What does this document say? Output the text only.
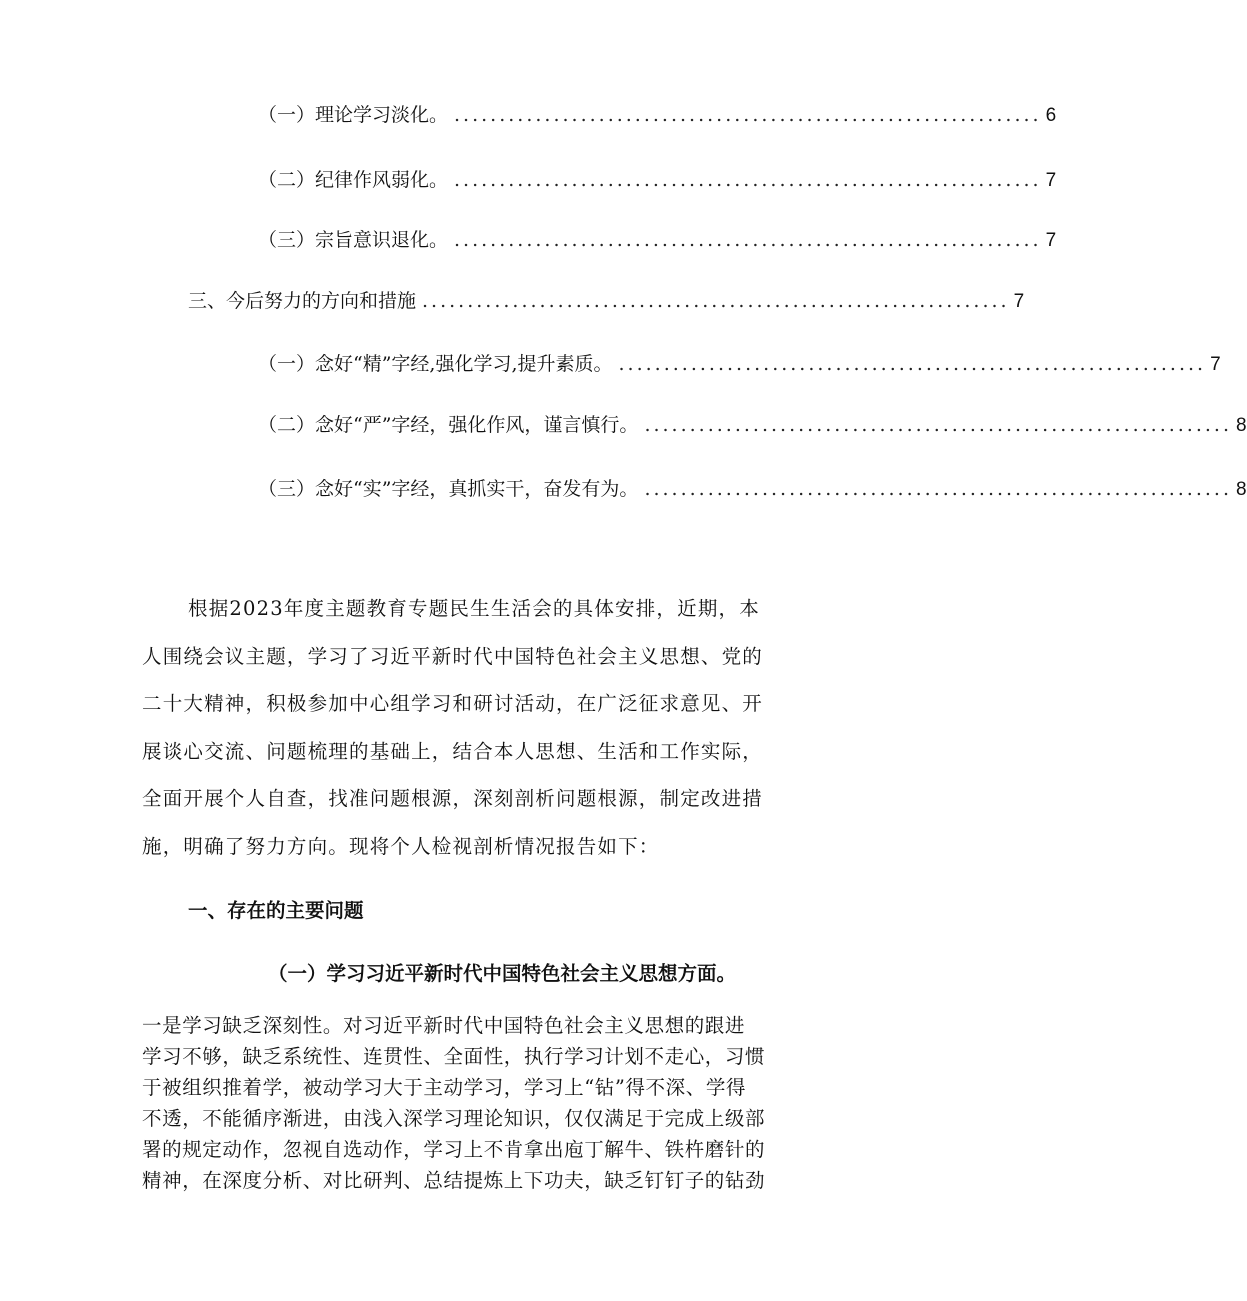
（一）理论学习淡化。 ................................................................. 6
（二）纪律作风弱化。 ................................................................. 7
（三）宗旨意识退化。 ................................................................. 7
三、今后努力的方向和措施 ................................................................. 7
（一）念好“精”字经,强化学习,提升素质。 ................................................................. 7
（二）念好“严”字经，强化作风，谨言慎行。 ................................................................. 8
（三）念好“实”字经，真抓实干，奋发有为。 ................................................................. 8
根据2023年度主题教育专题民生生活会的具体安排，近期，本
人围绕会议主题，学习了习近平新时代中国特色社会主义思想、党的
二十大精神，积极参加中心组学习和研讨活动，在广泛征求意见、开
展谈心交流、问题梳理的基础上，结合本人思想、生活和工作实际，
全面开展个人自查，找准问题根源，深刻剖析问题根源，制定改进措
施，明确了努力方向。现将个人检视剖析情况报告如下：
一、存在的主要问题
（一）学习习近平新时代中国特色社会主义思想方面。
一是学习缺乏深刻性。对习近平新时代中国特色社会主义思想的跟进
学习不够，缺乏系统性、连贯性、全面性，执行学习计划不走心，习惯
于被组织推着学，被动学习大于主动学习，学习上“钻”得不深、学得
不透，不能循序渐进，由浅入深学习理论知识，仅仅满足于完成上级部
署的规定动作，忽视自选动作，学习上不肯拿出庖丁解牛、铁杵磨针的
精神，在深度分析、对比研判、总结提炼上下功夫，缺乏钉钉子的钻劲
